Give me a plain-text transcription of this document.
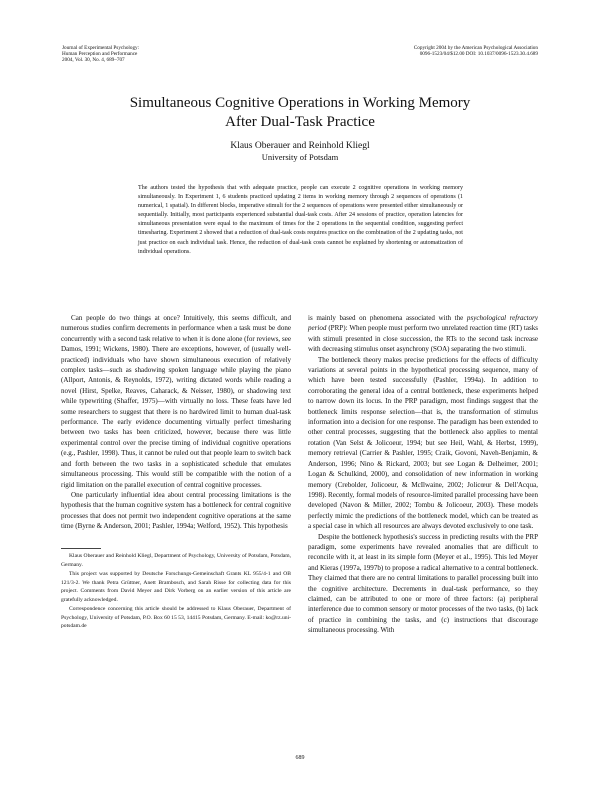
Journal of Experimental Psychology:
Human Perception and Performance
2004, Vol. 30, No. 4, 689–707
Copyright 2004 by the American Psychological Association
0096-1523/04/$12.00 DOI: 10.1037/0096-1523.30.4.689
Simultaneous Cognitive Operations in Working Memory
After Dual-Task Practice
Klaus Oberauer and Reinhold Kliegl
University of Potsdam
The authors tested the hypothesis that with adequate practice, people can execute 2 cognitive operations in working memory simultaneously. In Experiment 1, 6 students practiced updating 2 items in working memory through 2 sequences of operations (1 numerical, 1 spatial). In different blocks, imperative stimuli for the 2 sequences of operations were presented either simultaneously or sequentially. Initially, most participants experienced substantial dual-task costs. After 24 sessions of practice, operation latencies for simultaneous presentation were equal to the maximum of times for the 2 operations in the sequential condition, suggesting perfect timesharing. Experiment 2 showed that a reduction of dual-task costs requires practice on the combination of the 2 updating tasks, not just practice on each individual task. Hence, the reduction of dual-task costs cannot be explained by shortening or automatization of individual operations.

Can people do two things at once? Intuitively, this seems difficult, and numerous studies confirm decrements in performance when a task must be done concurrently with a second task relative to when it is done alone (for reviews, see Damos, 1991; Wickens, 1980). There are exceptions, however, of (usually well-practiced) individuals who have shown simultaneous execution of relatively complex tasks—such as shadowing spoken language while playing the piano (Allport, Antonis, & Reynolds, 1972), writing dictated words while reading a novel (Hirst, Spelke, Reaves, Caharack, & Neisser, 1980), or shadowing text while typewriting (Shaffer, 1975)—with virtually no loss. These feats have led some researchers to suggest that there is no hardwired limit to human dual-task performance. The early evidence documenting virtually perfect timesharing between two tasks has been criticized, however, because there was little experimental control over the precise timing of individual cognitive operations (e.g., Pashler, 1998). Thus, it cannot be ruled out that people learn to switch back and forth between the two tasks in a sophisticated schedule that emulates simultaneous processing. This would still be compatible with the notion of a rigid limitation on the parallel execution of central cognitive processes.

One particularly influential idea about central processing limitations is the hypothesis that the human cognitive system has a bottleneck for central cognitive processes that does not permit two independent cognitive operations at the same time (Byrne & Anderson, 2001; Pashler, 1994a; Welford, 1952). This hypothesis

Klaus Oberauer and Reinhold Kliegl, Department of Psychology, University of Potsdam, Potsdam, Germany.

This project was supported by Deutsche Forschungs-Gemeinschaft Grants KL 955/4-1 and OB 121/3-2. We thank Petra Grüttner, Anett Brambosch, and Sarah Risse for collecting data for this project. Comments from David Meyer and Dirk Vorberg on an earlier version of this article are gratefully acknowledged.

Correspondence concerning this article should be addressed to Klaus Oberauer, Department of Psychology, University of Potsdam, P.O. Box 60 15 53, 14415 Potsdam, Germany. E-mail: ko@rz.uni-potsdam.de

is mainly based on phenomena associated with the psychological refractory period (PRP): When people must perform two unrelated reaction time (RT) tasks with stimuli presented in close succession, the RTs to the second task increase with decreasing stimulus onset asynchrony (SOA) separating the two stimuli.

The bottleneck theory makes precise predictions for the effects of difficulty variations at several points in the hypothetical processing sequence, many of which have been tested successfully (Pashler, 1994a). In addition to corroborating the general idea of a central bottleneck, these experiments helped to narrow down its locus. In the PRP paradigm, most findings suggest that the bottleneck limits response selection—that is, the transformation of stimulus information into a decision for one response. The paradigm has been extended to other central processes, suggesting that the bottleneck also applies to mental rotation (Van Selst & Jolicoeur, 1994; but see Heil, Wahl, & Herbst, 1999), memory retrieval (Carrier & Pashler, 1995; Craik, Govoni, Naveh-Benjamin, & Anderson, 1996; Nino & Rickard, 2003; but see Logan & Delheimer, 2001; Logan & Schulkind, 2000), and consolidation of new information in working memory (Crebolder, Jolicoeur, & McIlwaine, 2002; Jolicœur & Dell'Acqua, 1998). Recently, formal models of resource-limited parallel processing have been developed (Navon & Miller, 2002; Tombu & Jolicoeur, 2003). These models perfectly mimic the predictions of the bottleneck model, which can be treated as a special case in which all resources are always devoted exclusively to one task.

Despite the bottleneck hypothesis's success in predicting results with the PRP paradigm, some experiments have revealed anomalies that are difficult to reconcile with it, at least in its simple form (Meyer et al., 1995). This led Meyer and Kieras (1997a, 1997b) to propose a radical alternative to a central bottleneck. They claimed that there are no central limitations to parallel processing built into the cognitive architecture. Decrements in dual-task performance, so they claimed, can be attributed to one or more of three factors: (a) peripheral interference due to common sensory or motor processes of the two tasks, (b) lack of practice in combining the tasks, and (c) instructions that discourage simultaneous processing. With

689
